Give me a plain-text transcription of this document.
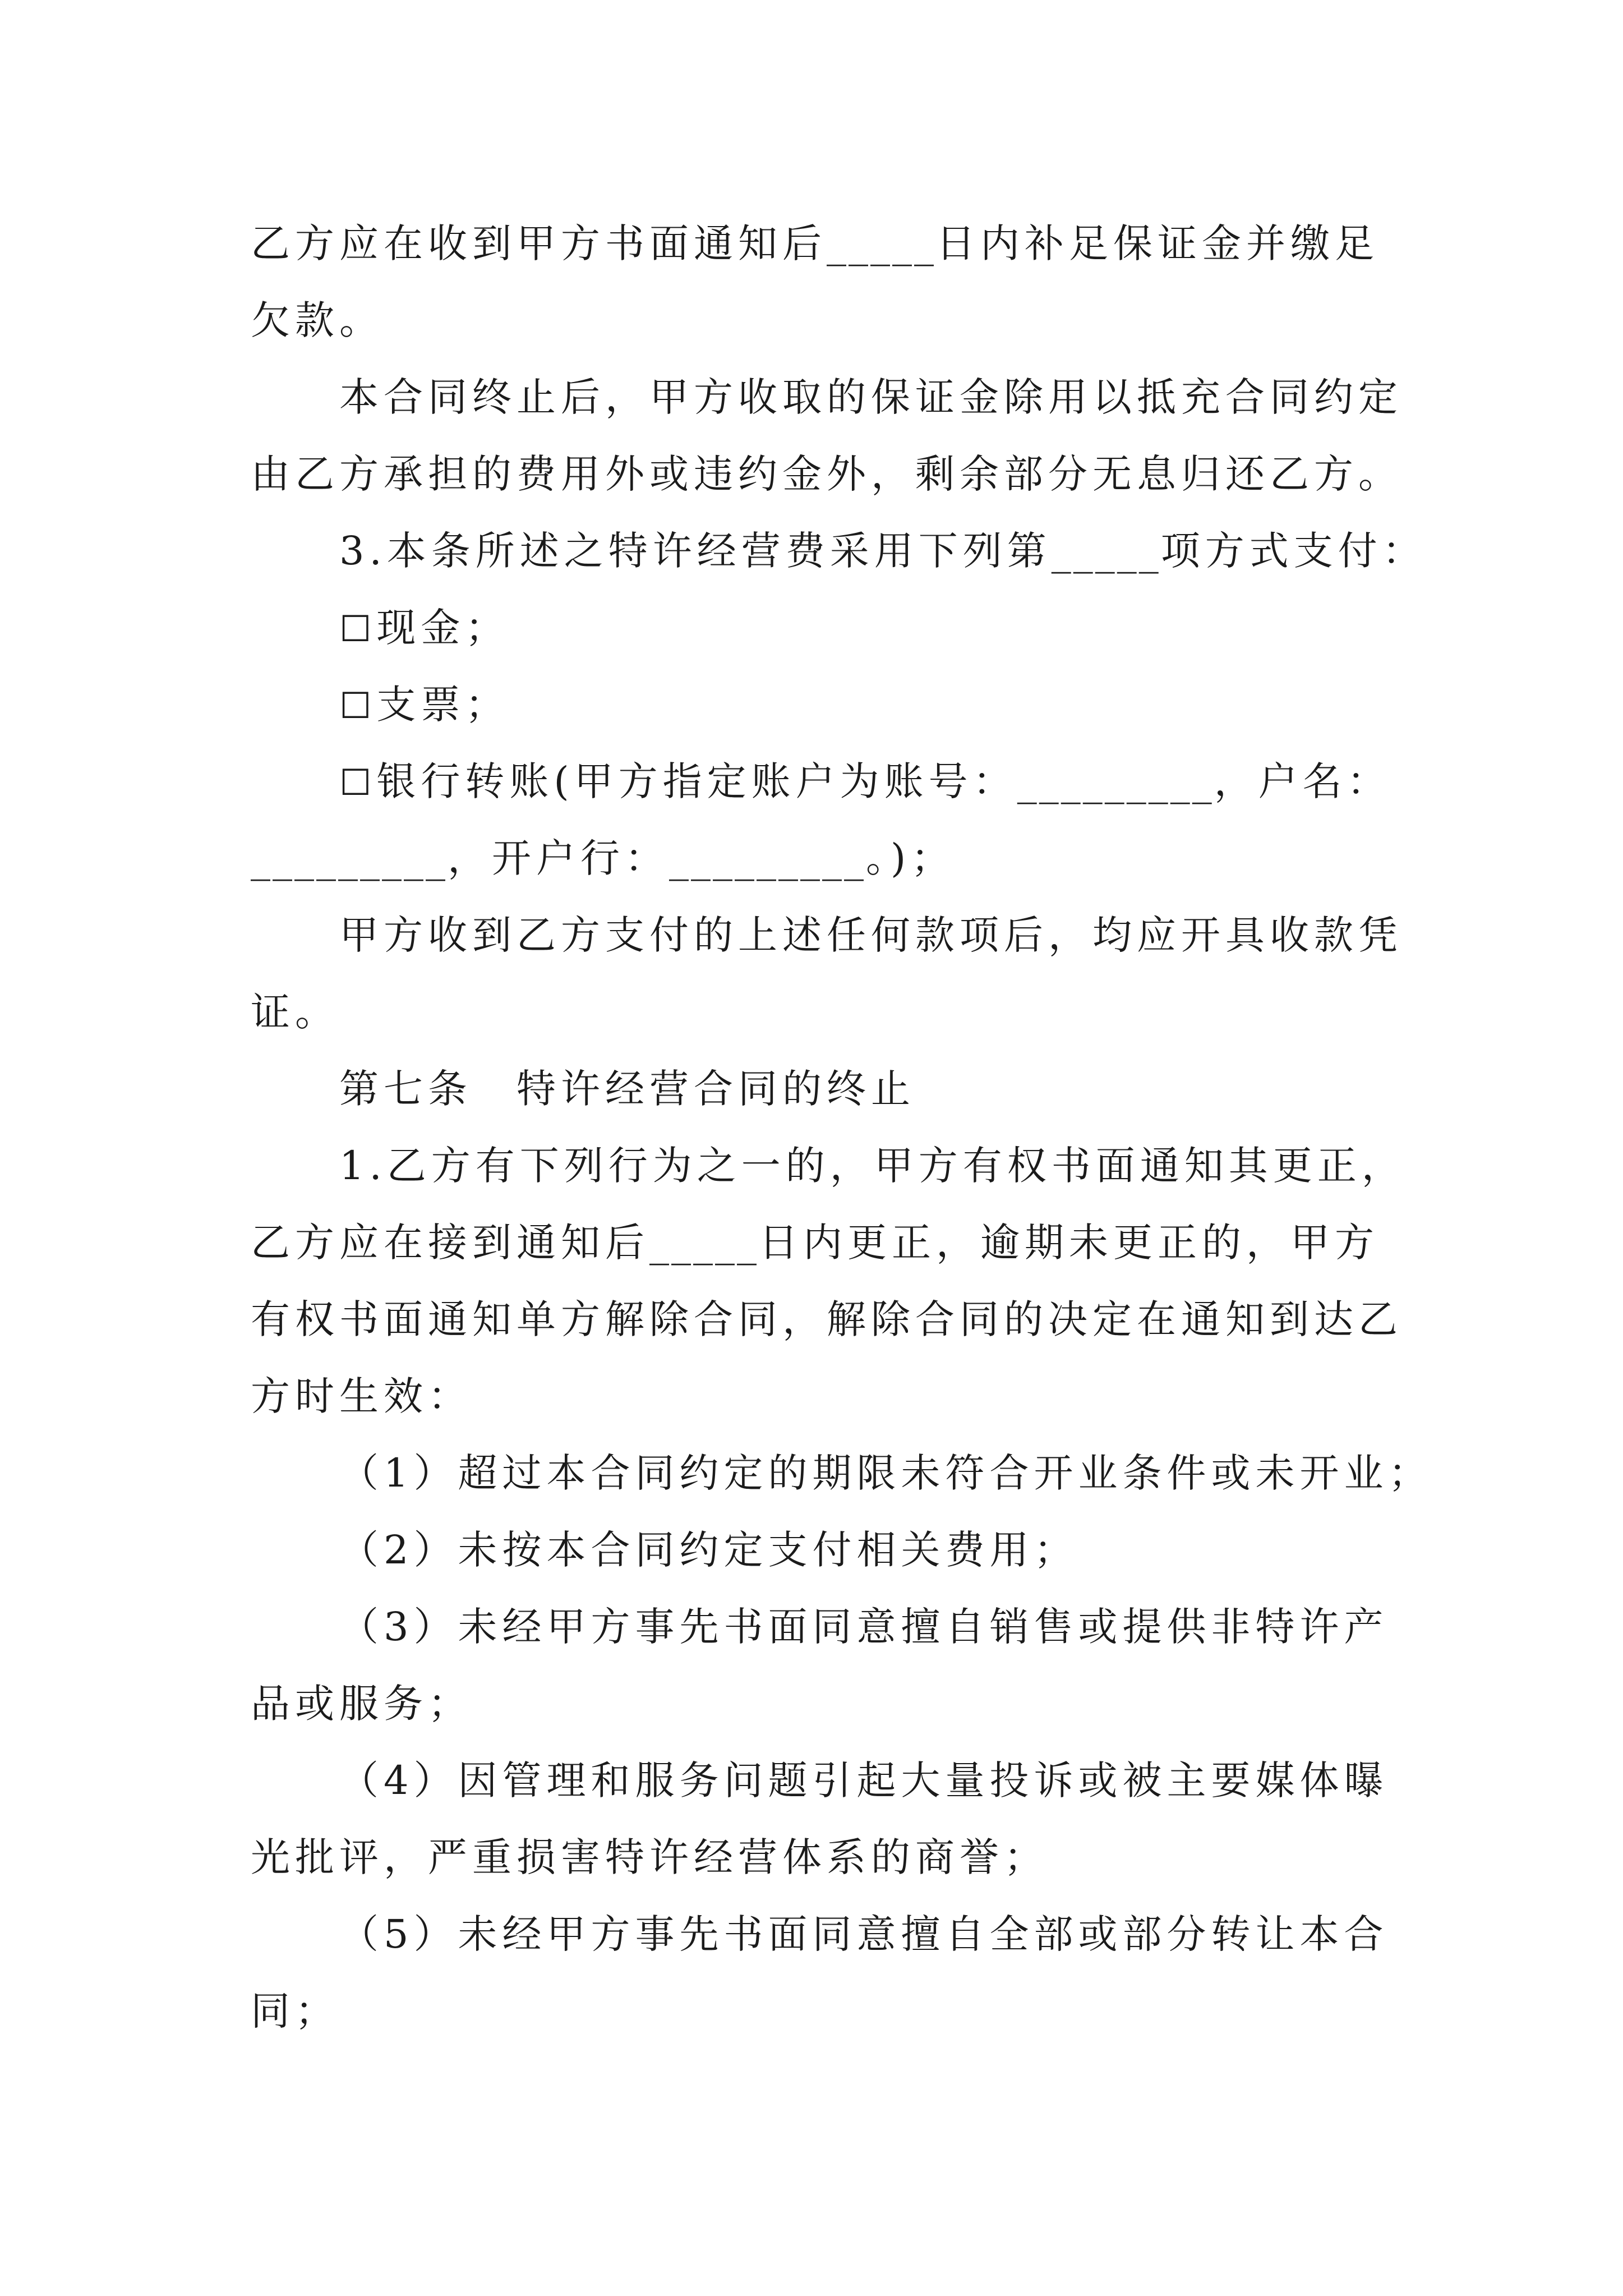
乙方应在收到甲方书面通知后_____日内补足保证金并缴足
欠款。
本合同终止后，甲方收取的保证金除用以抵充合同约定
由乙方承担的费用外或违约金外，剩余部分无息归还乙方。
3.本条所述之特许经营费采用下列第_____项方式支付：
☐现金；
☐支票；
☐银行转账(甲方指定账户为账号：_________，户名：
_________，开户行：_________。)；
甲方收到乙方支付的上述任何款项后，均应开具收款凭
证。
第七条　特许经营合同的终止
1.乙方有下列行为之一的，甲方有权书面通知其更正，
乙方应在接到通知后_____日内更正，逾期未更正的，甲方
有权书面通知单方解除合同，解除合同的决定在通知到达乙
方时生效：
（1）超过本合同约定的期限未符合开业条件或未开业；
（2）未按本合同约定支付相关费用；
（3）未经甲方事先书面同意擅自销售或提供非特许产
品或服务；
（4）因管理和服务问题引起大量投诉或被主要媒体曝
光批评，严重损害特许经营体系的商誉；
（5）未经甲方事先书面同意擅自全部或部分转让本合
同；
